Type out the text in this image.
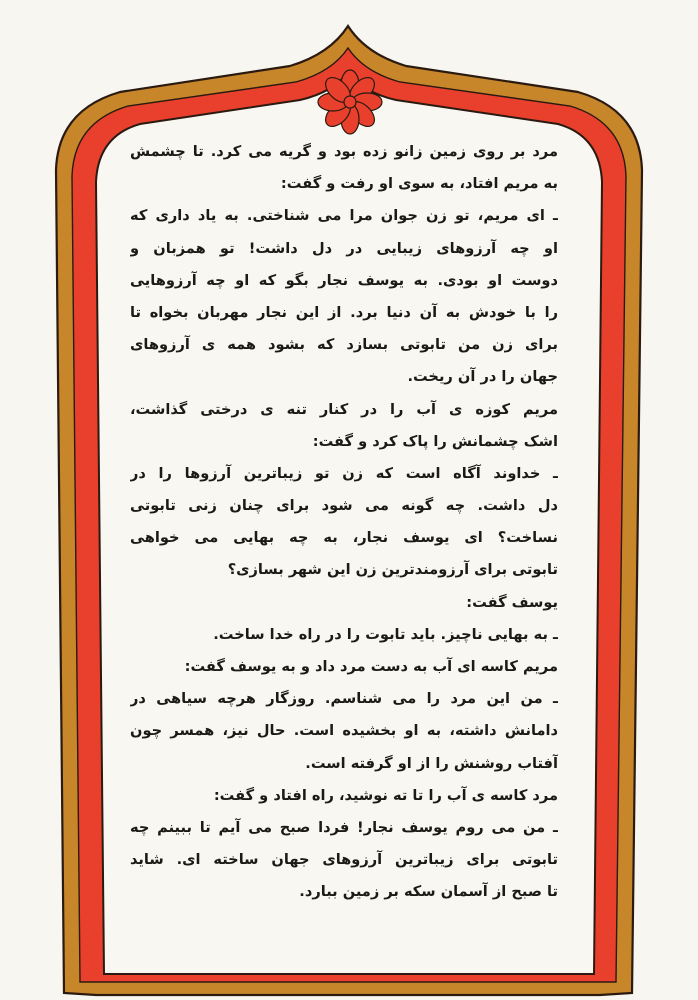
مرد بر روی زمین زانو زده بود و گریه می کرد. تا چشمش
به مریم افتاد، به سوی او رفت و گفت:
ـ ای مریم، تو زن جوان مرا می شناختی. به یاد داری که
او چه آرزوهای زیبایی در دل داشت! تو همزبان و
دوست او بودی. به یوسف نجار بگو که او چه آرزوهایی
را با خودش به آن دنیا برد. از این نجار مهربان بخواه تا
برای زن من تابوتی بسازد که بشود همه ی آرزوهای
جهان را در آن ریخت.
مریم کوزه ی آب را در کنار تنه ی درختی گذاشت،
اشک چشمانش را پاک کرد و گفت:
ـ خداوند آگاه است که زن تو زیباترین آرزوها را در
دل داشت. چه گونه می شود برای چنان زنی تابوتی
نساخت؟ ای یوسف نجار، به چه بهایی می خواهی
تابوتی برای آرزومندترین زن این شهر بسازی؟
یوسف گفت:
ـ به بهایی ناچیز. باید تابوت را در راه خدا ساخت.
مریم کاسه ای آب به دست مرد داد و به یوسف گفت:
ـ من این مرد را می شناسم. روزگار هرچه سیاهی در
دامانش داشته، به او بخشیده است. حال نیز، همسر چون
آفتاب روشنش را از او گرفته است.
مرد کاسه ی آب را تا ته نوشید، راه افتاد و گفت:
ـ من می روم یوسف نجار! فردا صبح می آیم تا ببینم چه
تابوتی برای زیباترین آرزوهای جهان ساخته ای. شاید
تا صبح از آسمان سکه بر زمین ببارد.
